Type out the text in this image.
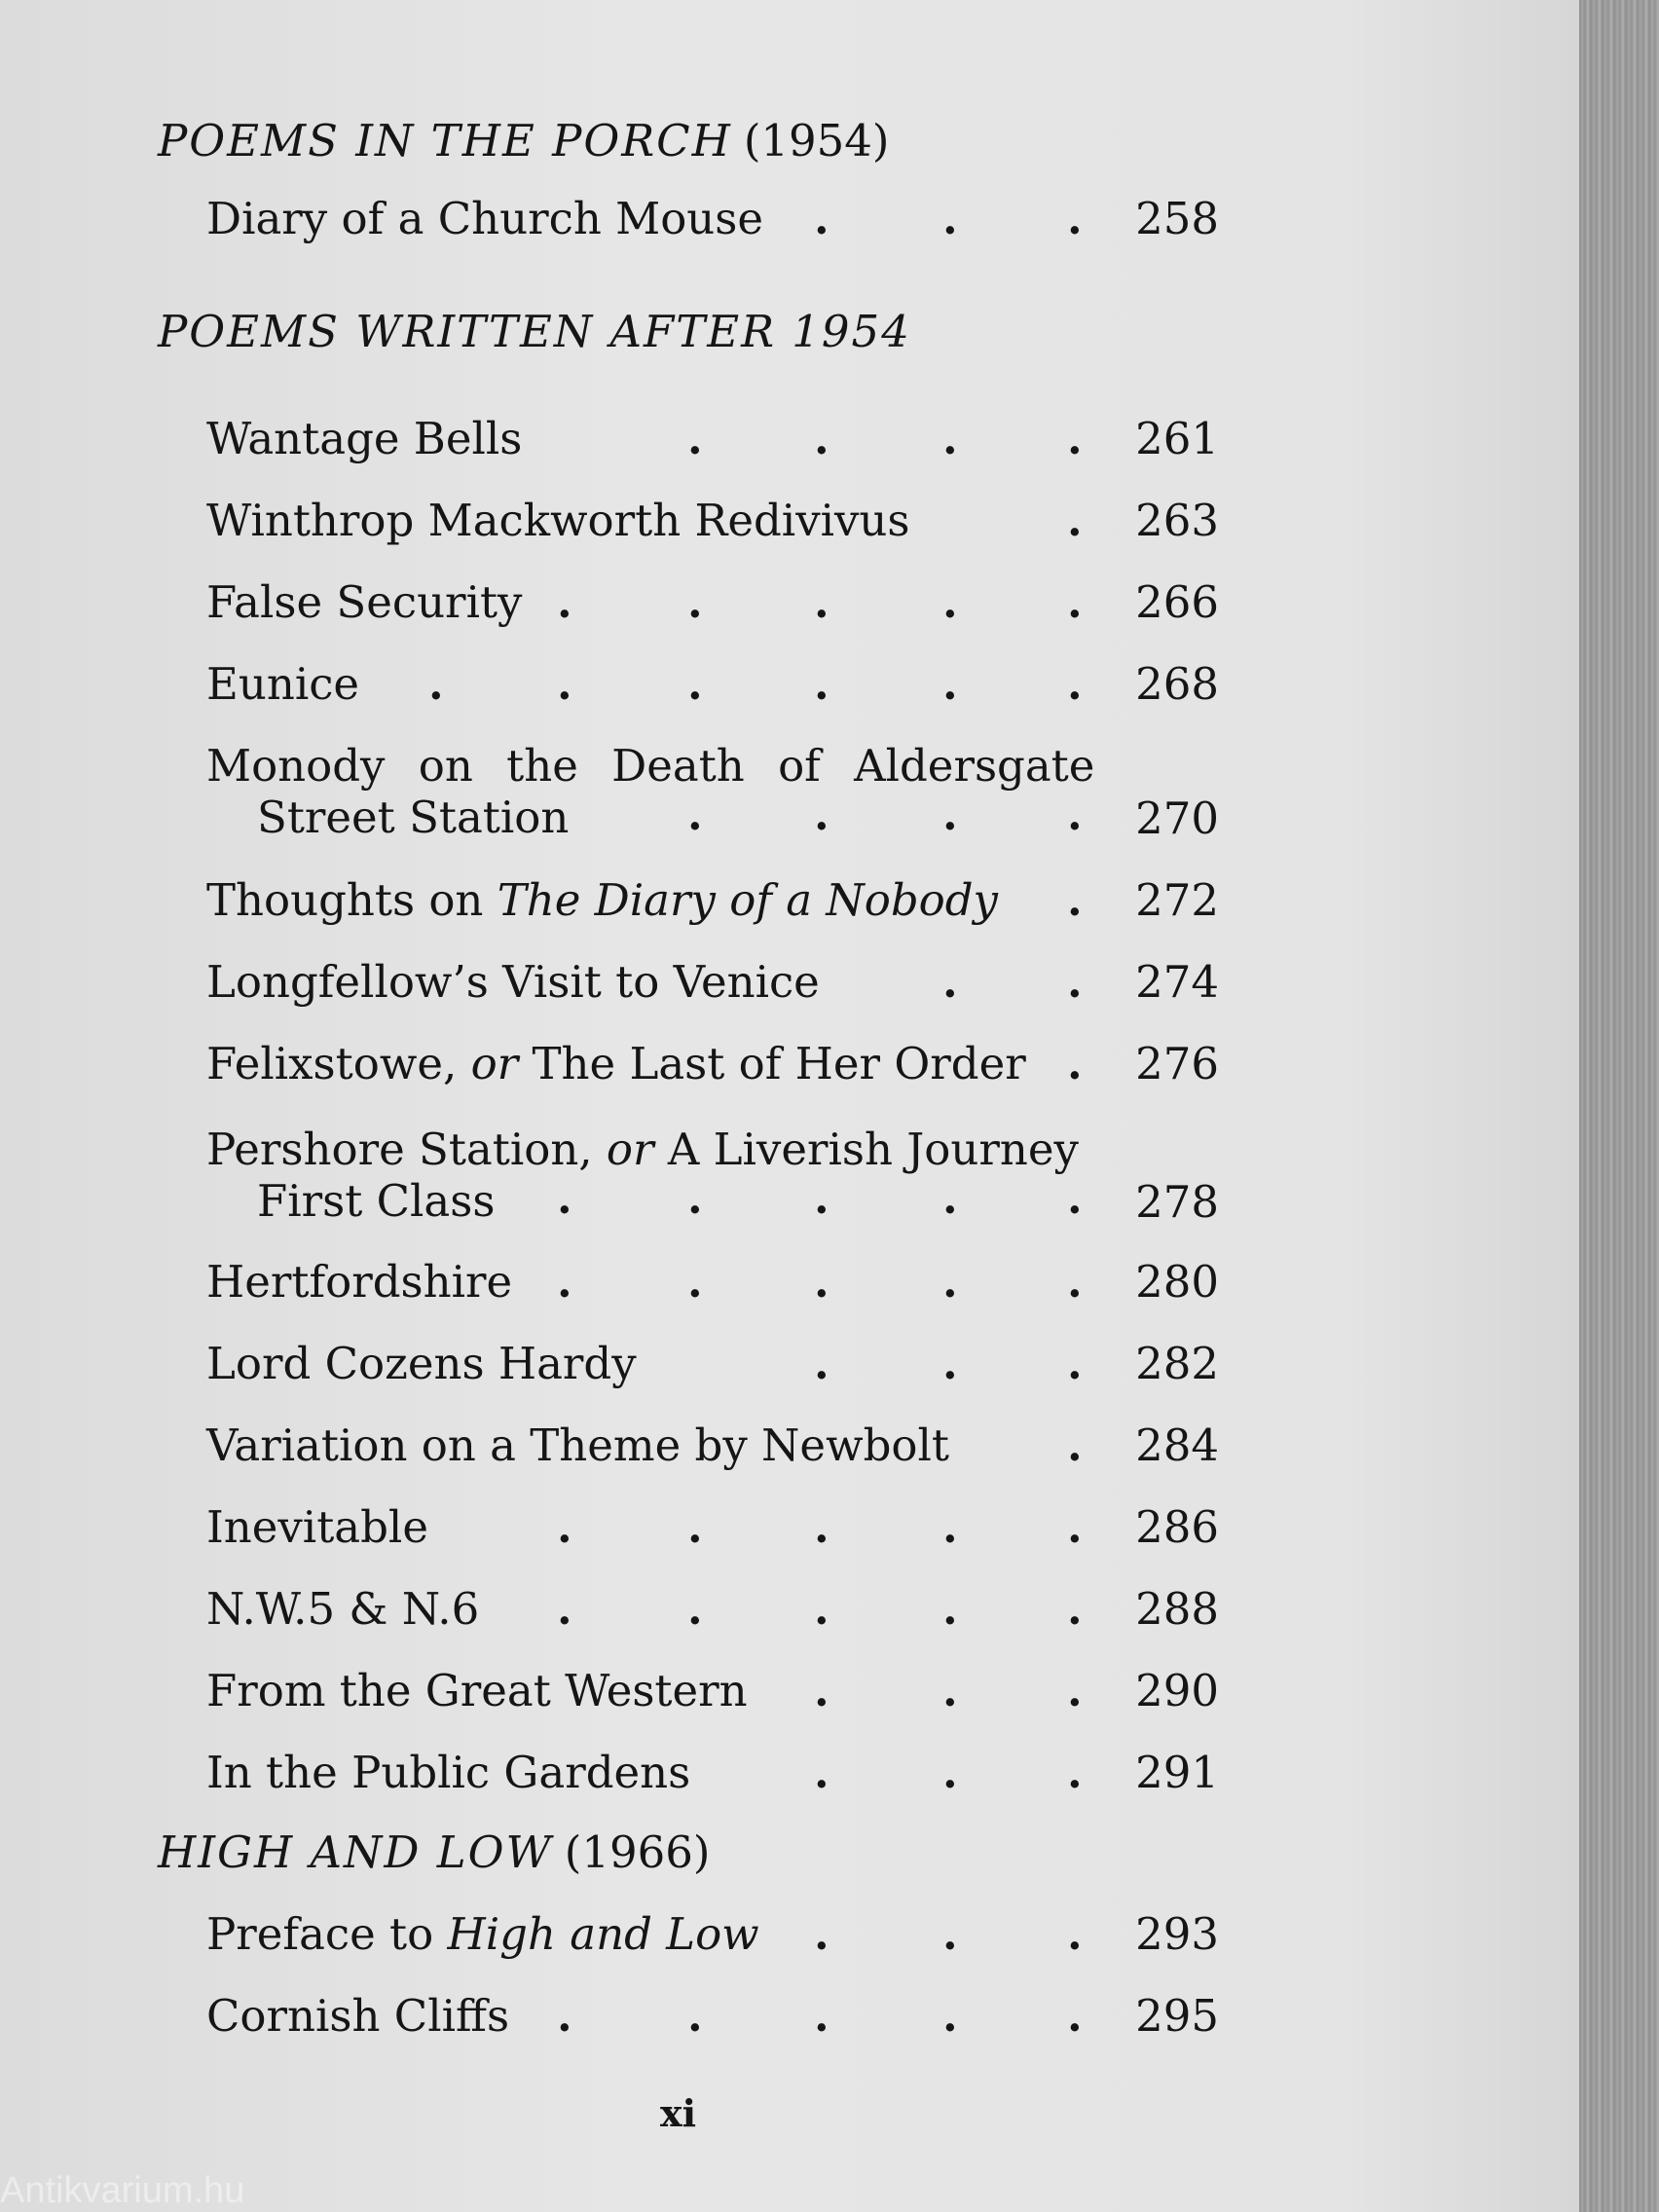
POEMS IN THE PORCH (1954)
Diary of a Church Mouse .	. . 258
POEMS WRITTEN AFTER 1954
Wantage Bells	.	.	. . 261
Winthrop Mackworth Redivivus	. 263
False Security .	.	.	. . 266
Eunice .	.	.	.	. . 268
Monody on the Death of Aldersgate
Street Station	.	.	. . 270
Thoughts on The Diary of a Nobody . 272
Longfellow’s Visit to Venice	. . 274
Felixstowe, or The Last of Her Order . 276
Pershore Station, or A Liverish Journey
First Class	.	.	.	. . 278
Hertfordshire .	.	.	. . 280
Lord Cozens Hardy	.	. . 282
Variation on a Theme by Newbolt	. 284
Inevitable	.	.	.	. . 286
N.W.5 & N.6 .	.	.	. . 288
From the Great Western .	. . 290
In the Public Gardens	.	. . 291
HIGH AND LOW (1966)
Preface to High and Low .	. . 293
Cornish Cliffs .	.	.	. . 295
xi
Antikvarium.hu
